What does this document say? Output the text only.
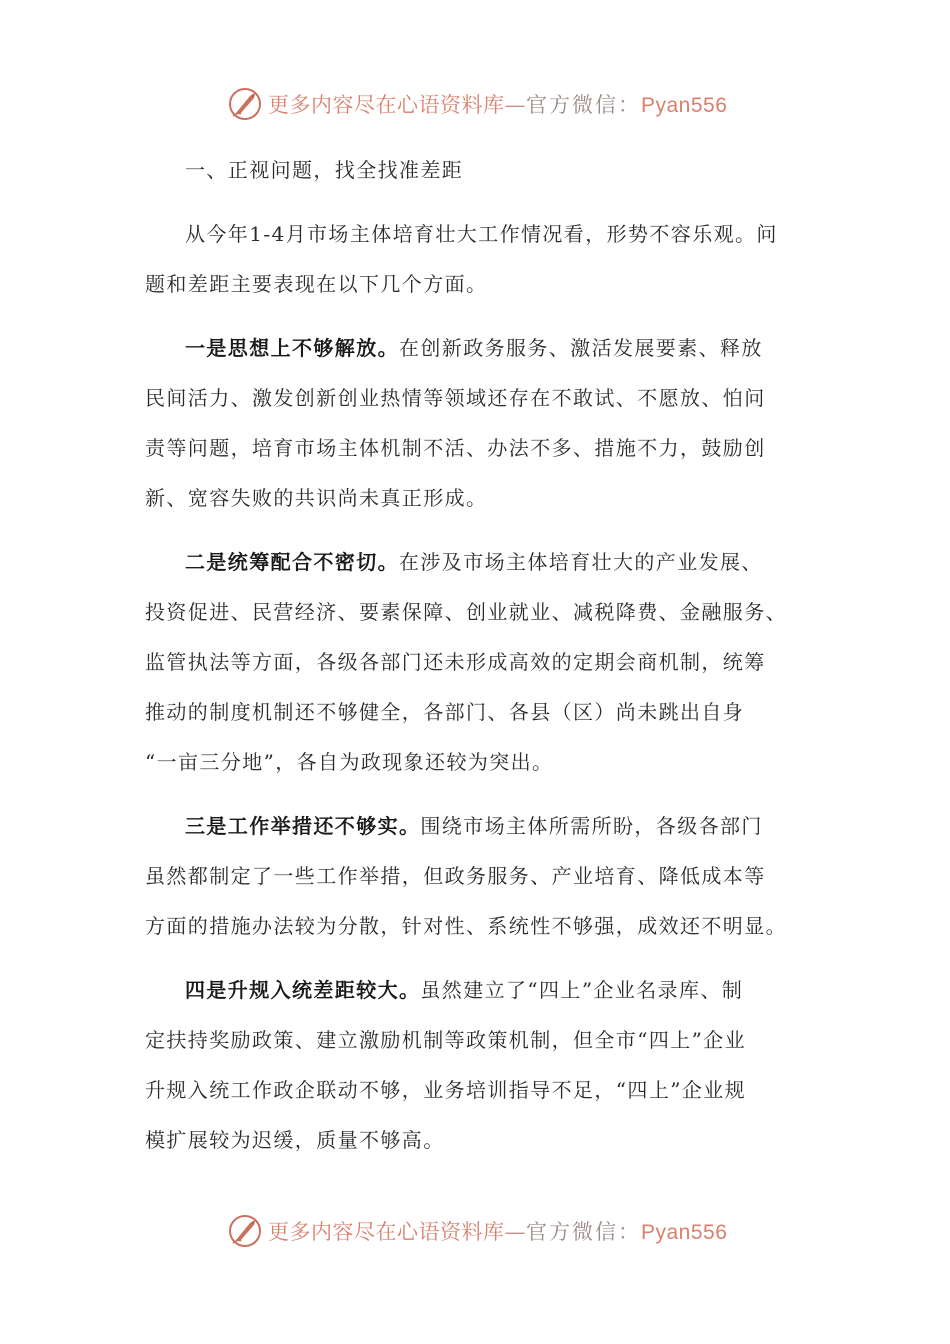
更多内容尽在心语资料库—官方微信：Pyan556
一、正视问题，找全找准差距
从今年1-4月市场主体培育壮大工作情况看，形势不容乐观。问
题和差距主要表现在以下几个方面。
一是思想上不够解放。在创新政务服务、激活发展要素、释放
民间活力、激发创新创业热情等领域还存在不敢试、不愿放、怕问
责等问题，培育市场主体机制不活、办法不多、措施不力，鼓励创
新、宽容失败的共识尚未真正形成。
二是统筹配合不密切。在涉及市场主体培育壮大的产业发展、
投资促进、民营经济、要素保障、创业就业、减税降费、金融服务、
监管执法等方面，各级各部门还未形成高效的定期会商机制，统筹
推动的制度机制还不够健全，各部门、各县（区）尚未跳出自身
“一亩三分地”，各自为政现象还较为突出。
三是工作举措还不够实。围绕市场主体所需所盼，各级各部门
虽然都制定了一些工作举措，但政务服务、产业培育、降低成本等
方面的措施办法较为分散，针对性、系统性不够强，成效还不明显。
四是升规入统差距较大。虽然建立了“四上”企业名录库、制
定扶持奖励政策、建立激励机制等政策机制，但全市“四上”企业
升规入统工作政企联动不够，业务培训指导不足，“四上”企业规
模扩展较为迟缓，质量不够高。
更多内容尽在心语资料库—官方微信：Pyan556
